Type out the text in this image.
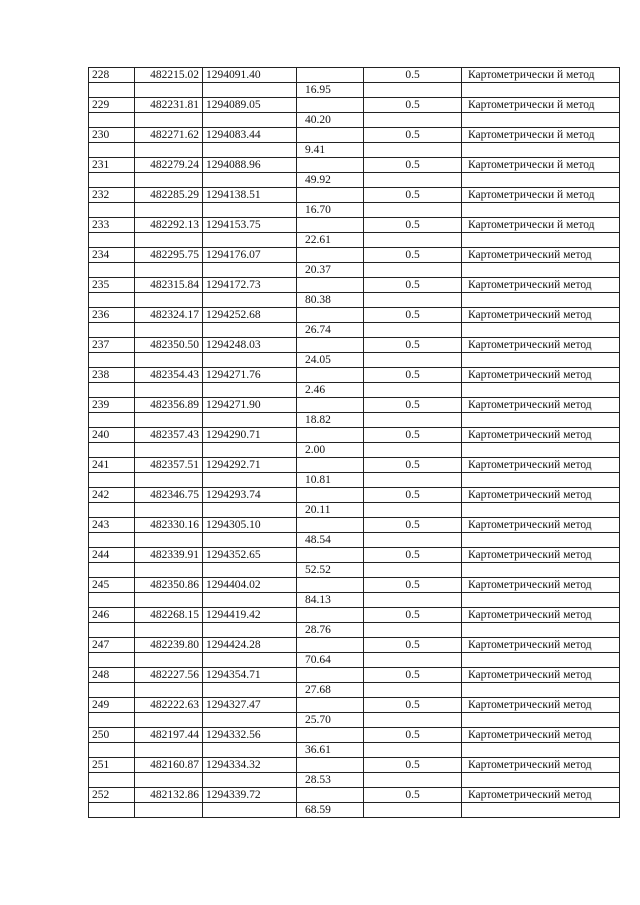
228	482215.02	1294091.40		0.5	Картометрически й метод
			16.95		
229	482231.81	1294089.05		0.5	Картометрически й метод
			40.20		
230	482271.62	1294083.44		0.5	Картометрически й метод
			9.41		
231	482279.24	1294088.96		0.5	Картометрически й метод
			49.92		
232	482285.29	1294138.51		0.5	Картометрически й метод
			16.70		
233	482292.13	1294153.75		0.5	Картометрически й метод
			22.61		
234	482295.75	1294176.07		0.5	Картометрический метод
			20.37		
235	482315.84	1294172.73		0.5	Картометрический метод
			80.38		
236	482324.17	1294252.68		0.5	Картометрический метод
			26.74		
237	482350.50	1294248.03		0.5	Картометрический метод
			24.05		
238	482354.43	1294271.76		0.5	Картометрический метод
			2.46		
239	482356.89	1294271.90		0.5	Картометрический метод
			18.82		
240	482357.43	1294290.71		0.5	Картометрический метод
			2.00		
241	482357.51	1294292.71		0.5	Картометрический метод
			10.81		
242	482346.75	1294293.74		0.5	Картометрический метод
			20.11		
243	482330.16	1294305.10		0.5	Картометрический метод
			48.54		
244	482339.91	1294352.65		0.5	Картометрический метод
			52.52		
245	482350.86	1294404.02		0.5	Картометрический метод
			84.13		
246	482268.15	1294419.42		0.5	Картометрический метод
			28.76		
247	482239.80	1294424.28		0.5	Картометрический метод
			70.64		
248	482227.56	1294354.71		0.5	Картометрический метод
			27.68		
249	482222.63	1294327.47		0.5	Картометрический метод
			25.70		
250	482197.44	1294332.56		0.5	Картометрический метод
			36.61		
251	482160.87	1294334.32		0.5	Картометрический метод
			28.53		
252	482132.86	1294339.72		0.5	Картометрический метод
			68.59		
